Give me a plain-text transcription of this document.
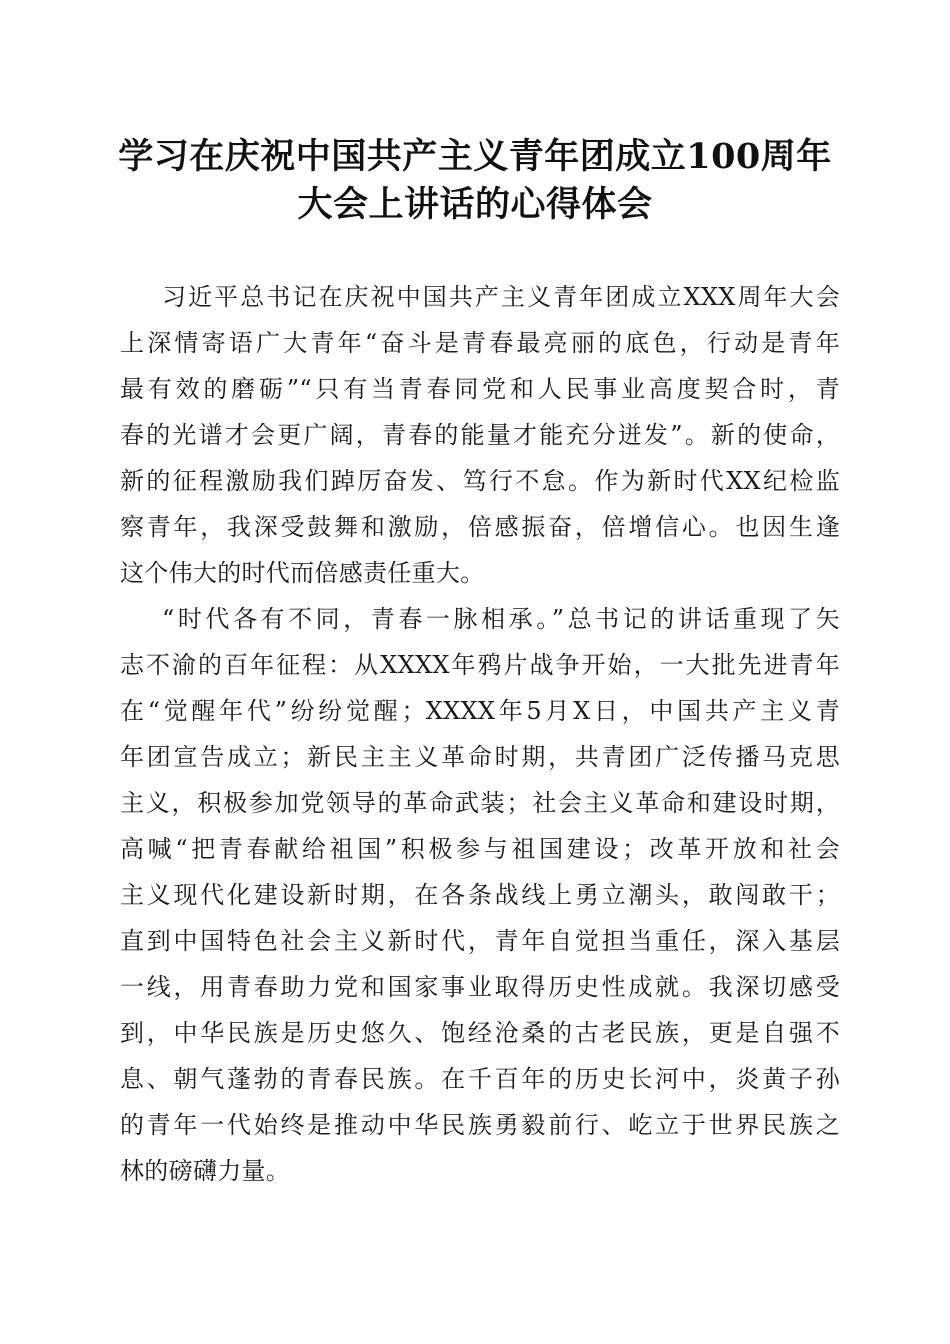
学习在庆祝中国共产主义青年团成立100周年
大会上讲话的心得体会
习近平总书记在庆祝中国共产主义青年团成立XXX周年大会
上深情寄语广大青年“奋斗是青春最亮丽的底色，行动是青年
最有效的磨砺”“只有当青春同党和人民事业高度契合时，青
春的光谱才会更广阔，青春的能量才能充分迸发”。新的使命，
新的征程激励我们踔厉奋发、笃行不怠。作为新时代XX纪检监
察青年，我深受鼓舞和激励，倍感振奋，倍增信心。也因生逢
这个伟大的时代而倍感责任重大。
“时代各有不同，青春一脉相承。”总书记的讲话重现了矢
志不渝的百年征程：从XXXX年鸦片战争开始，一大批先进青年
在“觉醒年代”纷纷觉醒；XXXX年5月X日，中国共产主义青
年团宣告成立；新民主主义革命时期，共青团广泛传播马克思
主义，积极参加党领导的革命武装；社会主义革命和建设时期，
高喊“把青春献给祖国”积极参与祖国建设；改革开放和社会
主义现代化建设新时期，在各条战线上勇立潮头，敢闯敢干；
直到中国特色社会主义新时代，青年自觉担当重任，深入基层
一线，用青春助力党和国家事业取得历史性成就。我深切感受
到，中华民族是历史悠久、饱经沧桑的古老民族，更是自强不
息、朝气蓬勃的青春民族。在千百年的历史长河中，炎黄子孙
的青年一代始终是推动中华民族勇毅前行、屹立于世界民族之
林的磅礴力量。
